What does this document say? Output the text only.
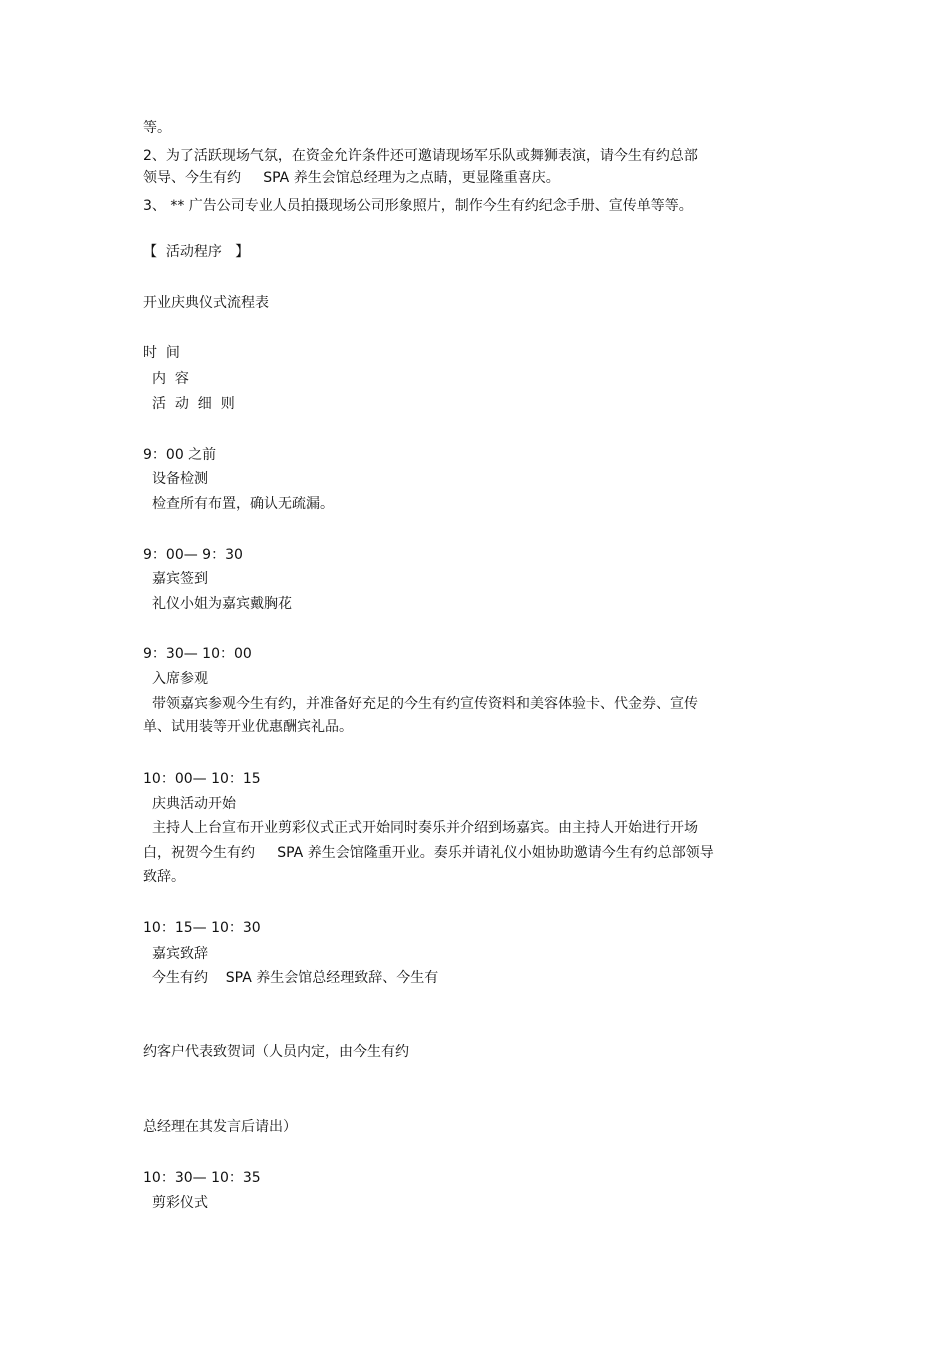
等。
2、为了活跃现场气氛，在资金允许条件还可邀请现场军乐队或舞狮表演，请今生有约总部
领导、今生有约     SPA 养生会馆总经理为之点睛，更显隆重喜庆。
3、 ** 广告公司专业人员拍摄现场公司形象照片，制作今生有约纪念手册、宣传单等等。
【  活动程序   】
开业庆典仪式流程表
时  间
内  容
活  动  细  则
9：00 之前
设备检测
检查所有布置，确认无疏漏。
9：00— 9：30
嘉宾签到
礼仪小姐为嘉宾戴胸花
9：30— 10：00
入席参观
带领嘉宾参观今生有约，并准备好充足的今生有约宣传资料和美容体验卡、代金券、宣传
单、试用装等开业优惠酬宾礼品。
10：00— 10：15
庆典活动开始
主持人上台宣布开业剪彩仪式正式开始同时奏乐并介绍到场嘉宾。由主持人开始进行开场
白，祝贺今生有约     SPA 养生会馆隆重开业。奏乐并请礼仪小姐协助邀请今生有约总部领导
致辞。
10：15— 10：30
嘉宾致辞
今生有约    SPA 养生会馆总经理致辞、今生有
约客户代表致贺词（人员内定，由今生有约
总经理在其发言后请出）
10：30— 10：35
剪彩仪式
